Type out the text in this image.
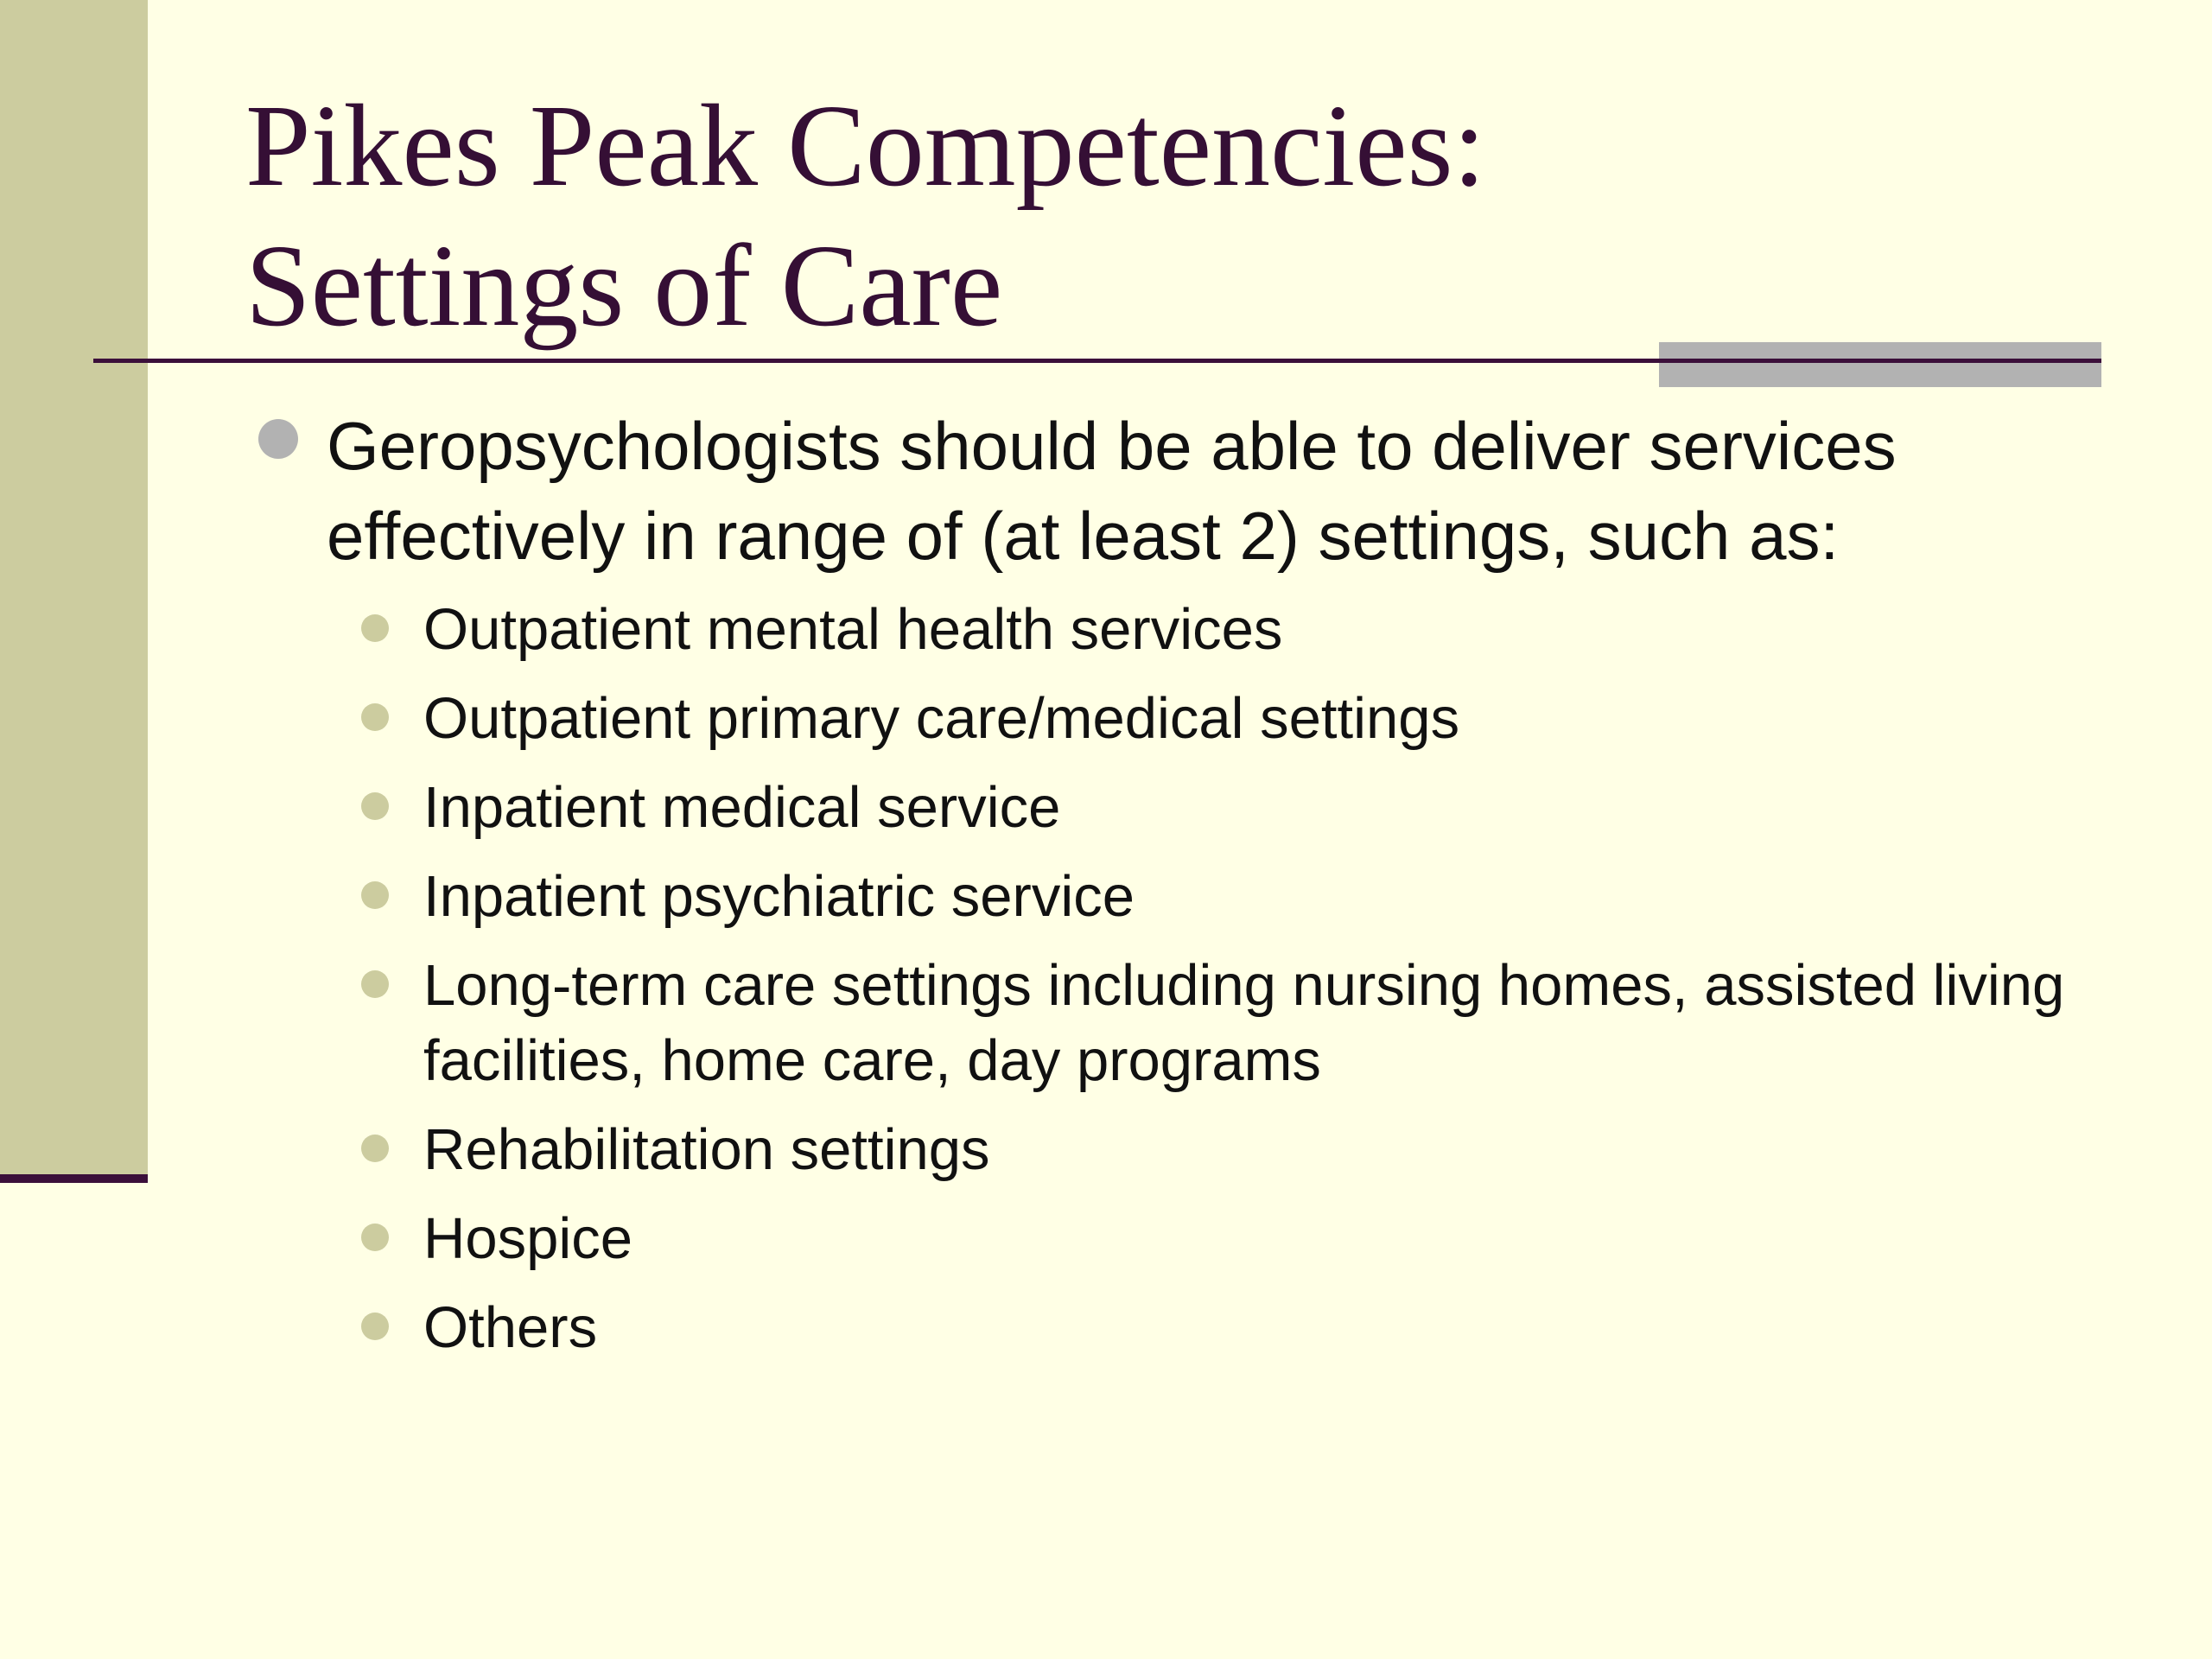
Pikes Peak Competencies:
Settings of Care
Geropsychologists should be able to deliver services effectively in range of (at least 2) settings, such as:
Outpatient mental health services
Outpatient primary care/medical settings
Inpatient medical service
Inpatient psychiatric service
Long-term care settings including nursing homes, assisted living facilities, home care, day programs
Rehabilitation settings
Hospice
Others
